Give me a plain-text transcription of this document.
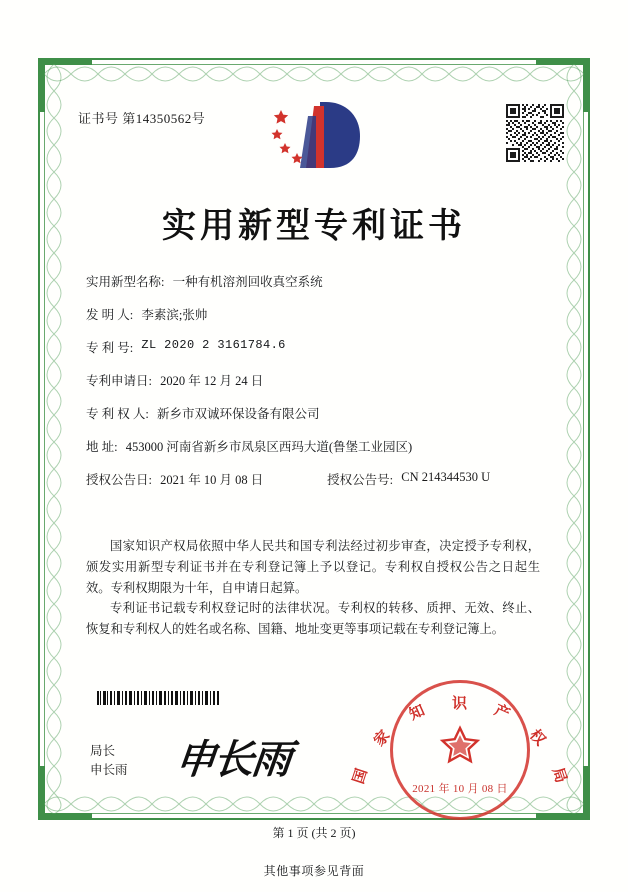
证书号 第14350562号
实用新型专利证书
实用新型名称: 一种有机溶剂回收真空系统
发 明 人: 李素滨;张帅
专 利 号: ZL 2020 2 3161784.6
专利申请日: 2020 年 12 月 24 日
专 利 权 人: 新乡市双诚环保设备有限公司
地 址: 453000 河南省新乡市凤泉区西玛大道(鲁堡工业园区)
授权公告日: 2021 年 10 月 08 日	授权公告号: CN 214344530 U
国家知识产权局依照中华人民共和国专利法经过初步审查，决定授予专利权，颁发实用新型专利证书并在专利登记簿上予以登记。专利权自授权公告之日起生效。专利权期限为十年，自申请日起算。
专利证书记载专利权登记时的法律状况。专利权的转移、质押、无效、终止、恢复和专利权人的姓名或名称、国籍、地址变更等事项记载在专利登记簿上。
局长
申长雨 申长雨	国
家
知 识 产
权
局
2021 年 10 月 08 日
第 1 页 (共 2 页)
其他事项参见背面
